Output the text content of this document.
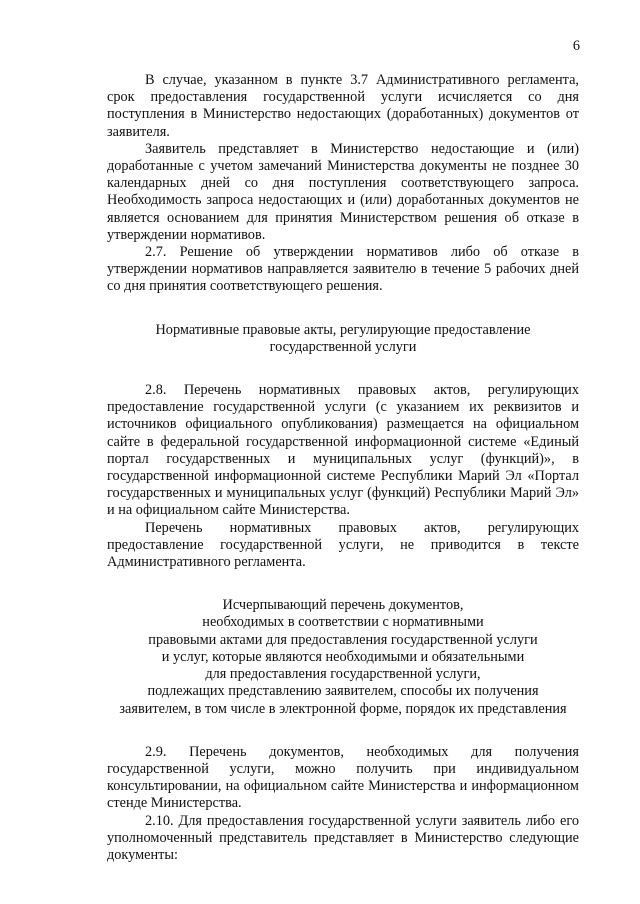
6

В случае, указанном в пункте 3.7 Административного регламента, срок предоставления государственной услуги исчисляется со дня поступления в Министерство недостающих (доработанных) документов от заявителя.

Заявитель представляет в Министерство недостающие и (или) доработанные с учетом замечаний Министерства документы не позднее 30 календарных дней со дня поступления соответствующего запроса. Необходимость запроса недостающих и (или) доработанных документов не является основанием для принятия Министерством решения об отказе в утверждении нормативов.

2.7. Решение об утверждении нормативов либо об отказе в утверждении нормативов направляется заявителю в течение 5 рабочих дней со дня принятия соответствующего решения.

Нормативные правовые акты, регулирующие предоставление
государственной услуги

2.8. Перечень нормативных правовых актов, регулирующих предоставление государственной услуги (с указанием их реквизитов и источников официального опубликования) размещается на официальном сайте в федеральной государственной информационной системе «Единый портал государственных и муниципальных услуг (функций)», в государственной информационной системе Республики Марий Эл «Портал государственных и муниципальных услуг (функций) Республики Марий Эл» и на официальном сайте Министерства.

Перечень нормативных правовых актов, регулирующих предоставление государственной услуги, не приводится в тексте Административного регламента.

Исчерпывающий перечень документов,
необходимых в соответствии с нормативными
правовыми актами для предоставления государственной услуги
и услуг, которые являются необходимыми и обязательными
для предоставления государственной услуги,
подлежащих представлению заявителем, способы их получения
заявителем, в том числе в электронной форме, порядок их представления

2.9. Перечень документов, необходимых для получения государственной услуги, можно получить при индивидуальном консультировании, на официальном сайте Министерства и информационном стенде Министерства.

2.10. Для предоставления государственной услуги заявитель либо его уполномоченный представитель представляет в Министерство следующие документы:
